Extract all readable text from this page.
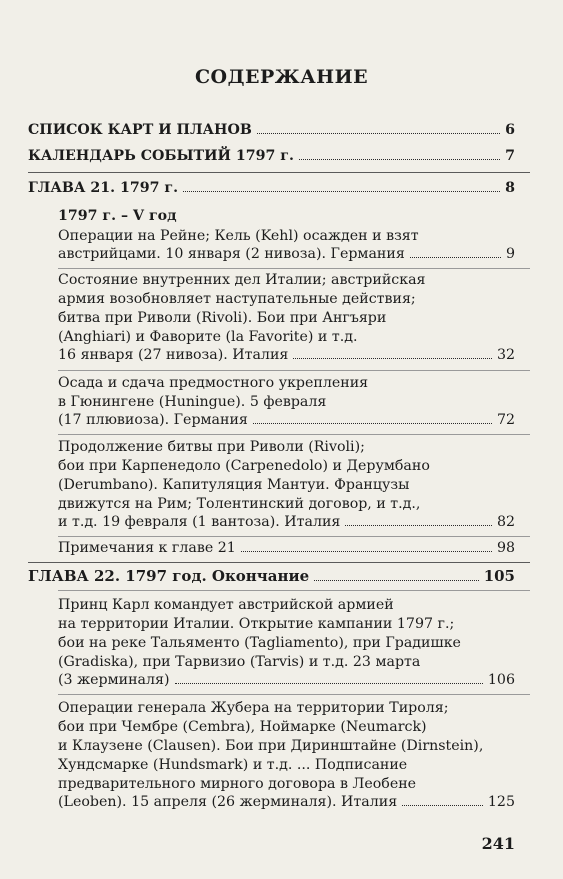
СОДЕРЖАНИЕ
СПИСОК КАРТ И ПЛАНОВ	6
КАЛЕНДАРЬ СОБЫТИЙ 1797 г.	7
ГЛАВА 21. 1797 г.	8
1797 г. – V год
Операции на Рейне; Кель (Kehl) осажден и взят
австрийцами. 10 января (2 нивоза). Германия	9
Состояние внутренних дел Италии; австрийская
армия возобновляет наступательные действия;
битва при Риволи (Rivoli). Бои при Ангъяри
(Anghiari) и Фаворите (la Favorite) и т.д.
16 января (27 нивоза). Италия	32
Осада и сдача предмостного укрепления
в Гюнингене (Huningue). 5 февраля
(17 плювиоза). Германия	72
Продолжение битвы при Риволи (Rivoli);
бои при Карпенедоло (Carpenedolo) и Дерумбано
(Derumbano). Капитуляция Мантуи. Французы
движутся на Рим; Толентинский договор, и т.д.,
и т.д. 19 февраля (1 вантоза). Италия	82
Примечания к главе 21	98
ГЛАВА 22. 1797 год. Окончание	105
Принц Карл командует австрийской армией
на территории Италии. Открытие кампании 1797 г.;
бои на реке Тальяменто (Tagliamento), при Градишке
(Gradiska), при Тарвизио (Tarvis) и т.д. 23 марта
(3 жерминаля)	106
Операции генерала Жубера на территории Тироля;
бои при Чембре (Cembra), Ноймарке (Neumarck)
и Клаузене (Clausen). Бои при Диринштайне (Dirnstein),
Хундсмарке (Hundsmark) и т.д. ... Подписание
предварительного мирного договора в Леобене
(Leoben). 15 апреля (26 жерминаля). Италия	125
241
